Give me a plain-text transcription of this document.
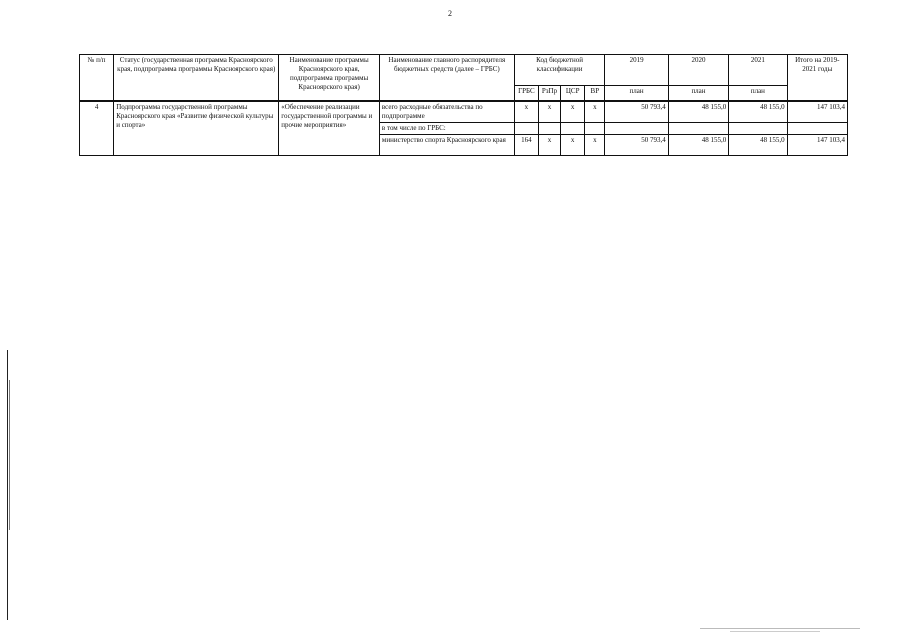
2
№ п/п	Статус (государственная программа Красноярского края, подпрограмма программы Красноярского края)	Наименование программы Красноярского края, подпрограмма программы Красноярского края)	Наименование главного распорядителя бюджетных средств (далее – ГРБС)	Код бюджетной классификации				2019	2020	2021	Итого на 2019-2021 годы
				ГРБС	РзПр	ЦСР	ВР	план	план	план	
4	Подпрограмма государственной программы Красноярского края «Развитие физической культуры и спорта»	«Обеспечение реализации государственной программы и прочие мероприятия»	всего расходные обязательства по подпрограмме	х	х	х	х	50 793,4	48 155,0	48 155,0	147 103,4
			в том числе по ГРБС:								
			министерство спорта Красноярского края	164	х	х	х	50 793,4	48 155,0	48 155,0	147 103,4
